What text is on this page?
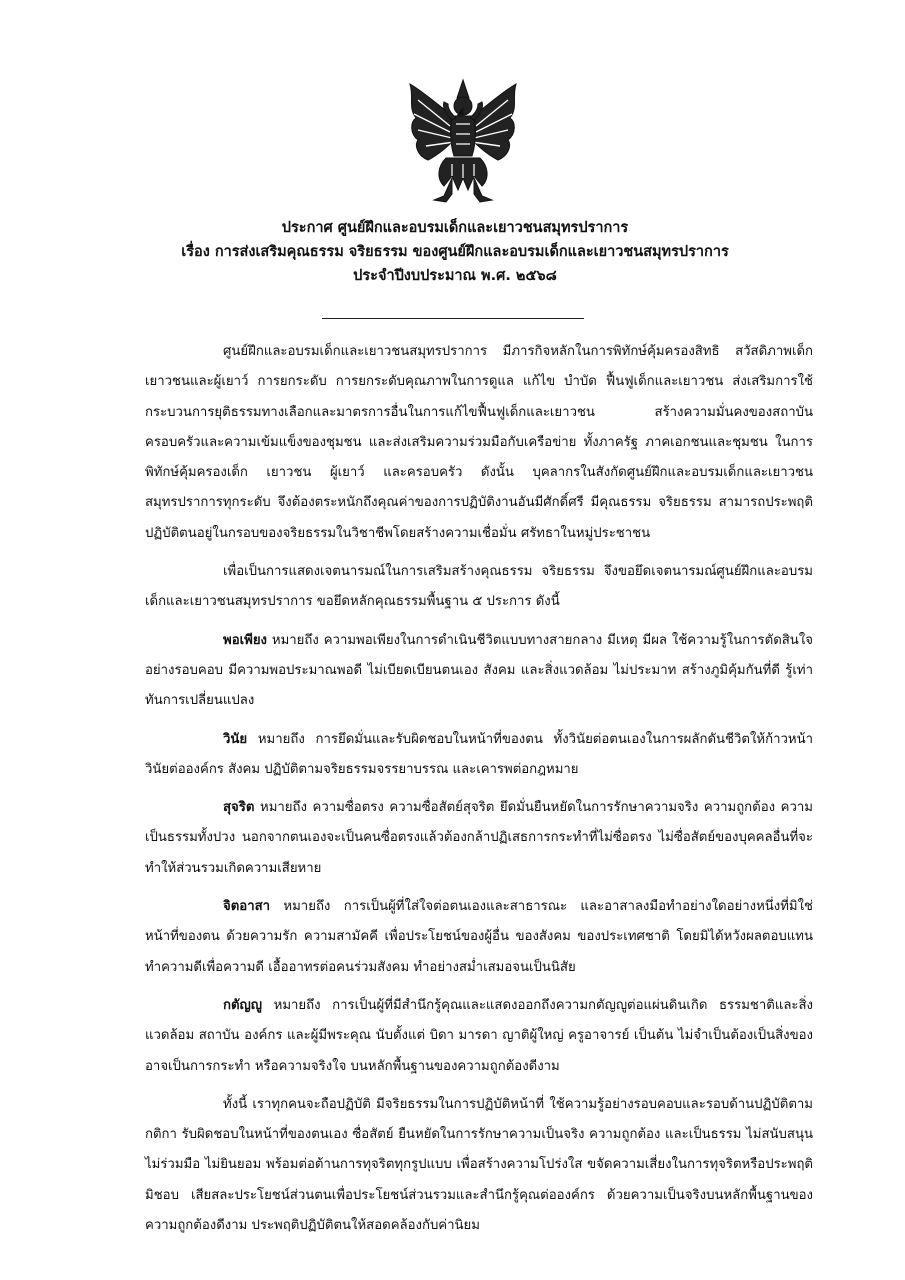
ประกาศ ศูนย์ฝึกและอบรมเด็กและเยาวชนสมุทรปราการ
เรื่อง การส่งเสริมคุณธรรม จริยธรรม ของศูนย์ฝึกและอบรมเด็กและเยาวชนสมุทรปราการ
ประจำปีงบประมาณ พ.ศ. ๒๕๖๘

ศูนย์ฝึกและอบรมเด็กและเยาวชนสมุทรปราการ มีภารกิจหลักในการพิทักษ์คุ้มครองสิทธิ สวัสดิภาพเด็ก เยาวชนและผู้เยาว์ การยกระดับ การยกระดับคุณภาพในการดูแล แก้ไข บำบัด ฟื้นฟูเด็กและเยาวชน ส่งเสริมการใช้กระบวนการยุติธรรมทางเลือกและมาตรการอื่นในการแก้ไขฟื้นฟูเด็กและเยาวชน สร้างความมั่นคงของสถาบันครอบครัวและความเข้มแข็งของชุมชน และส่งเสริมความร่วมมือกับเครือข่าย ทั้งภาครัฐ ภาคเอกชนและชุมชน ในการพิทักษ์คุ้มครองเด็ก เยาวชน ผู้เยาว์ และครอบครัว ดังนั้น บุคลากรในสังกัดศูนย์ฝึกและอบรมเด็กและเยาวชนสมุทรปราการทุกระดับ จึงต้องตระหนักถึงคุณค่าของการปฏิบัติงานอันมีศักดิ์ศรี มีคุณธรรม จริยธรรม สามารถประพฤติปฏิบัติตนอยู่ในกรอบของจริยธรรมในวิชาชีพโดยสร้างความเชื่อมั่น ศรัทธาในหมู่ประชาชน

เพื่อเป็นการแสดงเจตนารมณ์ในการเสริมสร้างคุณธรรม จริยธรรม จึงขอยึดเจตนารมณ์ศูนย์ฝึกและอบรมเด็กและเยาวชนสมุทรปราการ ขอยึดหลักคุณธรรมพื้นฐาน ๕ ประการ ดังนี้

พอเพียง หมายถึง ความพอเพียงในการดำเนินชีวิตแบบทางสายกลาง มีเหตุ มีผล ใช้ความรู้ในการตัดสินใจอย่างรอบคอบ มีความพอประมาณพอดี ไม่เบียดเบียนตนเอง สังคม และสิ่งแวดล้อม ไม่ประมาท สร้างภูมิคุ้มกันที่ดี รู้เท่าทันการเปลี่ยนแปลง

วินัย หมายถึง การยึดมั่นและรับผิดชอบในหน้าที่ของตน ทั้งวินัยต่อตนเองในการผลักดันชีวิตให้ก้าวหน้า วินัยต่อองค์กร สังคม ปฏิบัติตามจริยธรรมจรรยาบรรณ และเคารพต่อกฎหมาย

สุจริต หมายถึง ความซื่อตรง ความซื่อสัตย์สุจริต ยึดมั่นยืนหยัดในการรักษาความจริง ความถูกต้อง ความเป็นธรรมทั้งปวง นอกจากตนเองจะเป็นคนซื่อตรงแล้วต้องกล้าปฏิเสธการกระทำที่ไม่ซื่อตรง ไม่ซื่อสัตย์ของบุคคลอื่นที่จะทำให้ส่วนรวมเกิดความเสียหาย

จิตอาสา หมายถึง การเป็นผู้ที่ใส่ใจต่อตนเองและสาธารณะ และอาสาลงมือทำอย่างใดอย่างหนึ่งที่มิใช่หน้าที่ของตน ด้วยความรัก ความสามัคคี เพื่อประโยชน์ของผู้อื่น ของสังคม ของประเทศชาติ โดยมิได้หวังผลตอบแทน ทำความดีเพื่อความดี เอื้ออาทรต่อคนร่วมสังคม ทำอย่างสม่ำเสมอจนเป็นนิสัย

กตัญญู หมายถึง การเป็นผู้ที่มีสำนึกรู้คุณและแสดงออกถึงความกตัญญูต่อแผ่นดินเกิด ธรรมชาติและสิ่งแวดล้อม สถาบัน องค์กร และผู้มีพระคุณ นับตั้งแต่ บิดา มารดา ญาติผู้ใหญ่ ครูอาจารย์ เป็นต้น ไม่จำเป็นต้องเป็นสิ่งของ อาจเป็นการกระทำ หรือความจริงใจ บนหลักพื้นฐานของความถูกต้องดีงาม

ทั้งนี้ เราทุกคนจะถือปฏิบัติ มีจริยธรรมในการปฏิบัติหน้าที่ ใช้ความรู้อย่างรอบคอบและรอบด้านปฏิบัติตามกติกา รับผิดชอบในหน้าที่ของตนเอง ซื่อสัตย์ ยืนหยัดในการรักษาความเป็นจริง ความถูกต้อง และเป็นธรรม ไม่สนับสนุน ไม่ร่วมมือ ไม่ยินยอม พร้อมต่อต้านการทุจริตทุกรูปแบบ เพื่อสร้างความโปร่งใส ขจัดความเสี่ยงในการทุจริตหรือประพฤติมิชอบ เสียสละประโยชน์ส่วนตนเพื่อประโยชน์ส่วนรวมและสำนึกรู้คุณต่อองค์กร ด้วยความเป็นจริงบนหลักพื้นฐานของความถูกต้องดีงาม ประพฤติปฏิบัติตนให้สอดคล้องกับค่านิยม
